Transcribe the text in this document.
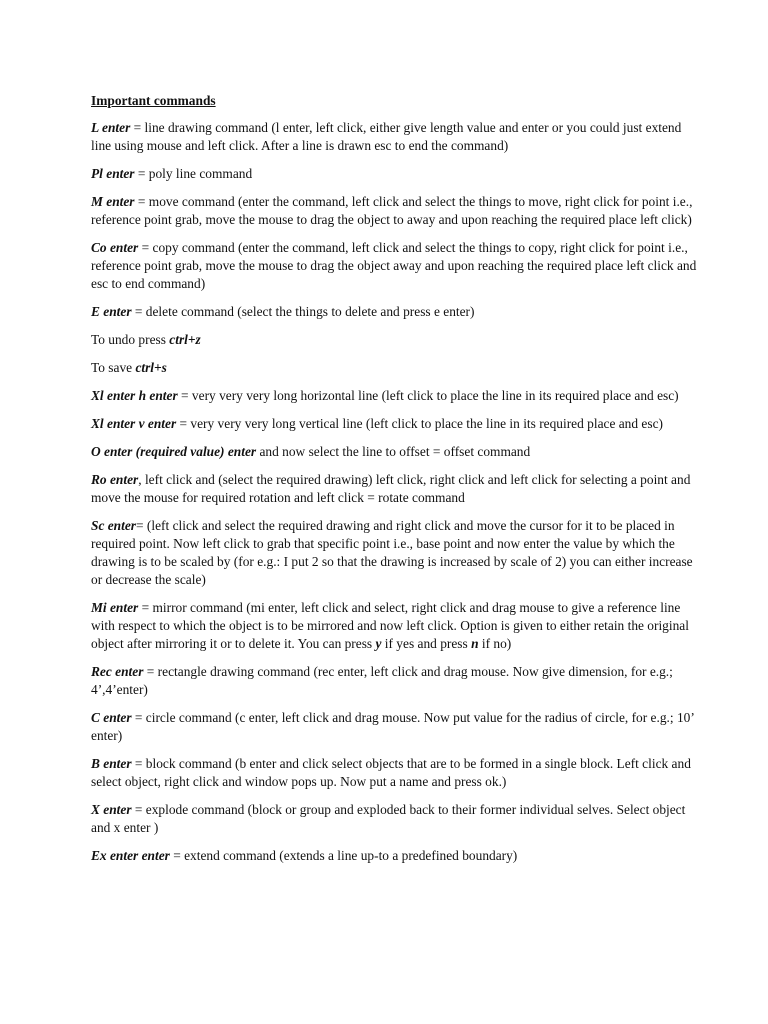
Important commands

L enter = line drawing command (l enter, left click, either give length value and enter or you could just extend line using mouse and left click. After a line is drawn esc to end the command)

Pl enter = poly line command

M enter = move command (enter the command, left click and select the things to move, right click for point i.e., reference point grab, move the mouse to drag the object to away and upon reaching the required place left click)

Co enter = copy command (enter the command, left click and select the things to copy, right click for point i.e., reference point grab, move the mouse to drag the object away and upon reaching the required place left click and esc to end command)

E enter = delete command (select the things to delete and press e enter)

To undo press ctrl+z

To save ctrl+s

Xl enter h enter = very very very long horizontal line (left click to place the line in its required place and esc)

Xl enter v enter = very very very long vertical line (left click to place the line in its required place and esc)

O enter (required value) enter and now select the line to offset = offset command

Ro enter, left click and (select the required drawing) left click, right click and left click for selecting a point and move the mouse for required rotation and left click = rotate command

Sc enter= (left click and select the required drawing and right click and move the cursor for it to be placed in required point. Now left click to grab that specific point i.e., base point and now enter the value by which the drawing is to be scaled by (for e.g.: I put 2 so that the drawing is increased by scale of 2) you can either increase or decrease the scale)

Mi enter = mirror command (mi enter, left click and select, right click and drag mouse to give a reference line with respect to which the object is to be mirrored and now left click. Option is given to either retain the original object after mirroring it or to delete it. You can press y if yes and press n if no)

Rec enter = rectangle drawing command (rec enter, left click and drag mouse. Now give dimension, for e.g.; 4’,4’enter)

C enter = circle command (c enter, left click and drag mouse. Now put value for the radius of circle, for e.g.; 10’ enter)

B enter = block command (b enter and click select objects that are to be formed in a single block. Left click and select object, right click and window pops up. Now put a name and press ok.)

X enter = explode command (block or group and exploded back to their former individual selves. Select object and x enter )

Ex enter enter = extend command (extends a line up-to a predefined boundary)
